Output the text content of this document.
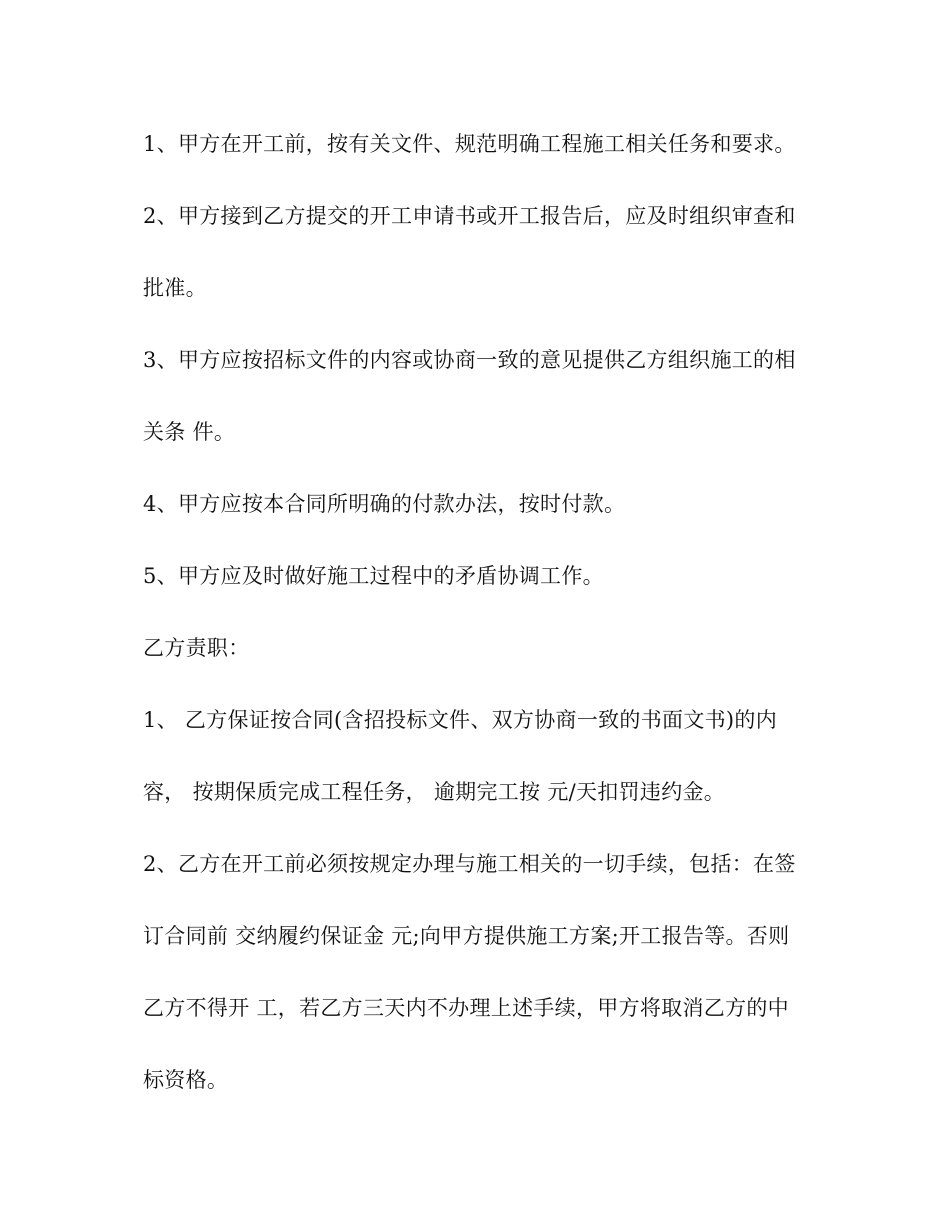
1、甲方在开工前，按有关文件、规范明确工程施工相关任务和要求。
2、甲方接到乙方提交的开工申请书或开工报告后，应及时组织审查和
批准。
3、甲方应按招标文件的内容或协商一致的意见提供乙方组织施工的相
关条 件。
4、甲方应按本合同所明确的付款办法，按时付款。
5、甲方应及时做好施工过程中的矛盾协调工作。
乙方责职：
1、 乙方保证按合同(含招投标文件、双方协商一致的书面文书)的内
容， 按期保质完成工程任务， 逾期完工按 元/天扣罚违约金。
2、乙方在开工前必须按规定办理与施工相关的一切手续，包括：在签
订合同前 交纳履约保证金 元;向甲方提供施工方案;开工报告等。否则
乙方不得开 工，若乙方三天内不办理上述手续，甲方将取消乙方的中
标资格。
